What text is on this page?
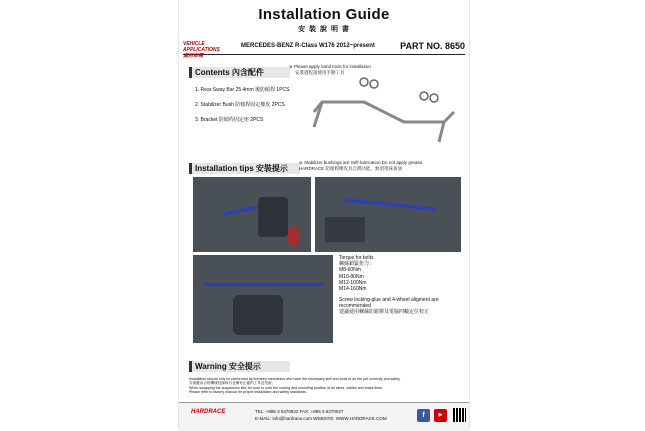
Installation Guide
安 裝 說 明 書
VEHICLE APPLICATIONS
適用車種
MERCEDES-BENZ R-Class W176 2012~present	PART NO. 8650
Contents 內含配件
※ Please apply hand tools for installation
安裝過程請使用手動工具
1. Rear Sway Bar 25.4mm 後防傾桿 1PCS
2. Stabilizer Bush 防傾桿固定橡皮 2PCS
3. Bracket 防傾桿固定座 2PCS
Installation tips 安裝提示
※ Stabilizer bushings are Self-lubrication.Do not apply grease.
HARDRACE 防傾桿橡皮具自潤功能，無須塗抹黃油
Torque for bolts
螺絲鎖緊扭力：
M8-60Nm
M10-80Nm
M12-100Nm
M14-160Nm
Screw locking-glue and 4-wheel aligment are recommended
建議使用螺絲防鬆膠及電腦四輪定位校正
Warning 安全提示
Installation should only be performed by licensed mechanics who have the necessary skill and tools to do the job correctly and safely.
安裝應由合格機械技師執行並擁有正確的工具及技術。
When swapping the suspension kits, be sure to note the routing and mounting position of all wires, cables and brake lines.
Please refer to factory manual for proper installation and safety standards.
HARDRACE	TEL: +886 3 5370822 FAX: +886 3 5370027
E-MAIL: info@hardrace.com WEBSITE: WWW.HARDRACE.COM	f	▶
